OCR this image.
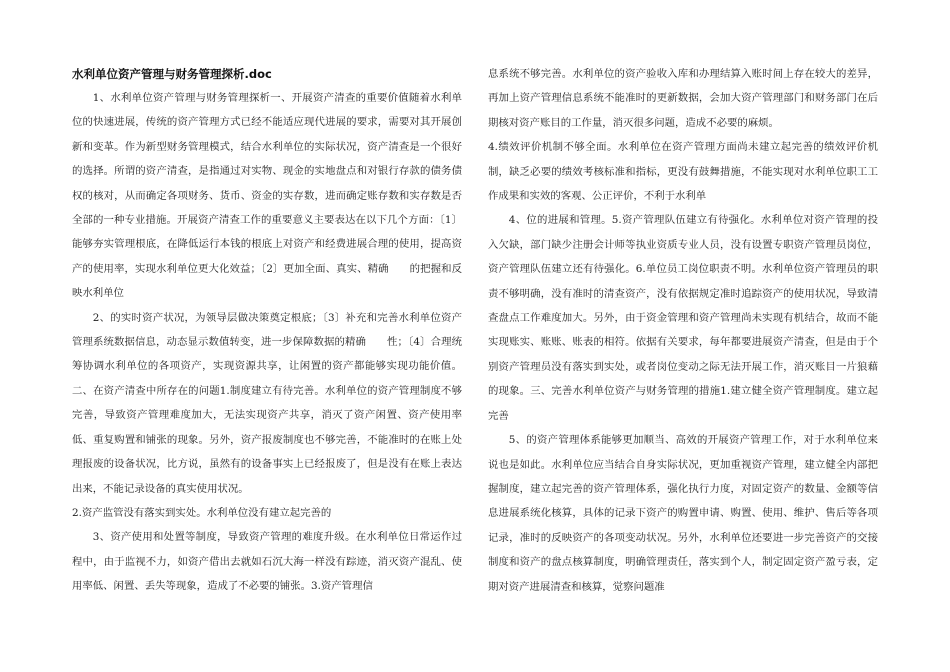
水利单位资产管理与财务管理探析.doc

1、水利单位资产管理与财务管理探析一、开展资产清查的重要价值随着水利单位的快速进展，传统的资产管理方式已经不能适应现代进展的要求，需要对其开展创新和变革。作为新型财务管理模式，结合水利单位的实际状况，资产清查是一个很好的选择。所谓的资产清查，是指通过对实物、现金的实地盘点和对银行存款的债务债权的核对，从而确定各项财务、货币、资金的实存数，进而确定账存数和实存数是否全部的一种专业措施。开展资产清查工作的重要意义主要表达在以下几个方面：〔1〕能够夯实管理根底，在降低运行本钱的根底上对资产和经费进展合理的使用，提高资产的使用率，实现水利单位更大化效益；〔2〕更加全面、真实、精确　　的把握和反映水利单位

2、的实时资产状况，为领导层做决策奠定根底；〔3〕补充和完善水利单位资产管理系统数据信息，动态显示数值转变，进一步保障数据的精确　　性；〔4〕合理统筹协调水利单位的各项资产，实现资源共享，让闲置的资产都能够实现功能价值。二、在资产清查中所存在的问题1.制度建立有待完善。水利单位的资产管理制度不够完善，导致资产管理难度加大，无法实现资产共享，消灭了资产闲置、资产使用率低、重复购置和铺张的现象。另外，资产报废制度也不够完善，不能准时的在账上处理报废的设备状况，比方说，虽然有的设备事实上已经报废了，但是没有在账上表达出来，不能记录设备的真实使用状况。

2.资产监管没有落实到实处。水利单位没有建立起完善的

3、资产使用和处置等制度，导致资产管理的难度升级。在水利单位日常运作过程中，由于监视不力，如资产借出去就如石沉大海一样没有踪迹，消灭资产混乱、使用率低、闲置、丢失等现象，造成了不必要的铺张。3.资产管理信

息系统不够完善。水利单位的资产验收入库和办理结算入账时间上存在较大的差异，再加上资产管理信息系统不能准时的更新数据，会加大资产管理部门和财务部门在后期核对资产账目的工作量，消灭很多问题，造成不必要的麻烦。

4.绩效评价机制不够全面。水利单位在资产管理方面尚未建立起完善的绩效评价机制，缺乏必要的绩效考核标准和指标，更没有鼓舞措施，不能实现对水利单位职工工作成果和实效的客观、公正评价，不利于水利单

4、位的进展和管理。5.资产管理队伍建立有待强化。水利单位对资产管理的投入欠缺，部门缺少注册会计师等执业资质专业人员，没有设置专职资产管理员岗位，资产管理队伍建立还有待强化。6.单位员工岗位职责不明。水利单位资产管理员的职责不够明确，没有准时的清查资产，没有依据规定准时追踪资产的使用状况，导致清查盘点工作难度加大。另外，由于资金管理和资产管理尚未实现有机结合，故而不能实现账实、账账、账表的相符。依据有关要求，每年都要进展资产清查，但是由于个别资产管理员没有落实到实处，或者岗位变动之际无法开展工作，消灭账目一片狼藉的现象。三、完善水利单位资产与财务管理的措施1.建立健全资产管理制度。建立起完善

5、的资产管理体系能够更加顺当、高效的开展资产管理工作，对于水利单位来说也是如此。水利单位应当结合自身实际状况，更加重视资产管理，建立健全内部把握制度，建立起完善的资产管理体系，强化执行力度，对固定资产的数量、金额等信息进展系统化核算，具体的记录下资产的购置申请、购置、使用、维护、售后等各项记录，准时的反映资产的各项变动状况。另外，水利单位还要进一步完善资产的交接制度和资产的盘点核算制度，明确管理责任，落实到个人，制定固定资产盈亏表，定期对资产进展清查和核算，觉察问题准
